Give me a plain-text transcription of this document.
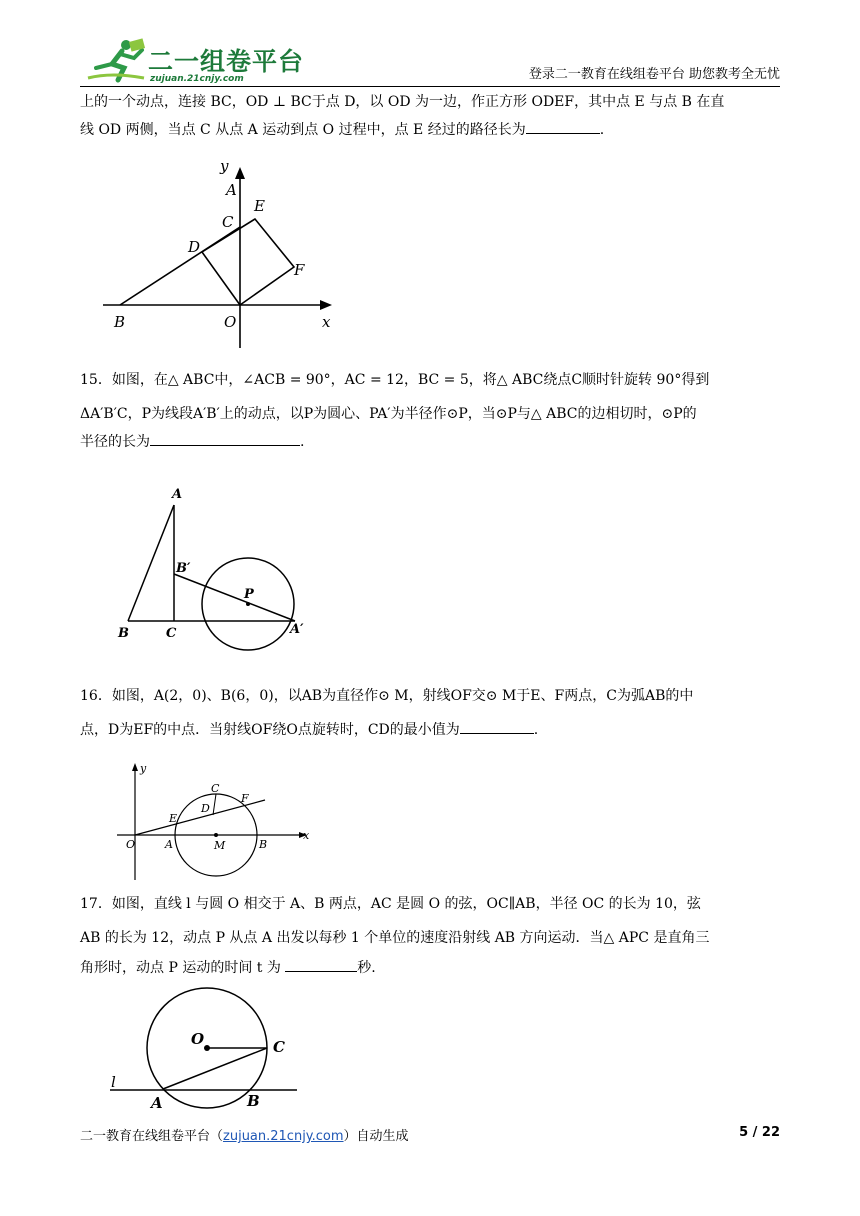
二一组卷平台
zujuan.21cnjy.com	登录二一教育在线组卷平台 助您教考全无忧

上的一个动点，连接 BC，OD ⊥ BC于点 D，以 OD 为一边，作正方形 ODEF，其中点 E 与点 B 在直

线 OD 两侧，当点 C 从点 A 运动到点 O 过程中，点 E 经过的路径长为	.

y
A
C
E
D
F
B	O	x

15．如图，在△ ABC中，∠ACB = 90°，AC = 12，BC = 5，将△ ABC绕点C顺时针旋转 90°得到

ΔA′B′C，P为线段A′B′上的动点，以P为圆心、PA′为半径作⊙P，当⊙P与△ ABC的边相切时，⊙P的

半径的长为	.

A
B′
P
B	C	A′

16．如图，A(2，0)、B(6，0)，以AB为直径作⊙ M，射线OF交⊙ M于E、F两点，C为弧AB的中

点，D为EF的中点．当射线OF绕O点旋转时，CD的最小值为	.

y
C
F
D
E
x
O	A	M	B

17．如图，直线 l 与圆 O 相交于 A、B 两点，AC 是圆 O 的弦，OC∥AB，半径 OC 的长为 10，弦

AB 的长为 12，动点 P 从点 A 出发以每秒 1 个单位的速度沿射线 AB 方向运动．当△ APC 是直角三

角形时，动点 P 运动的时间 t 为	秒.

O	C
l
A	B
二一教育在线组卷平台（zujuan.21cnjy.com）自动生成	5 / 22
